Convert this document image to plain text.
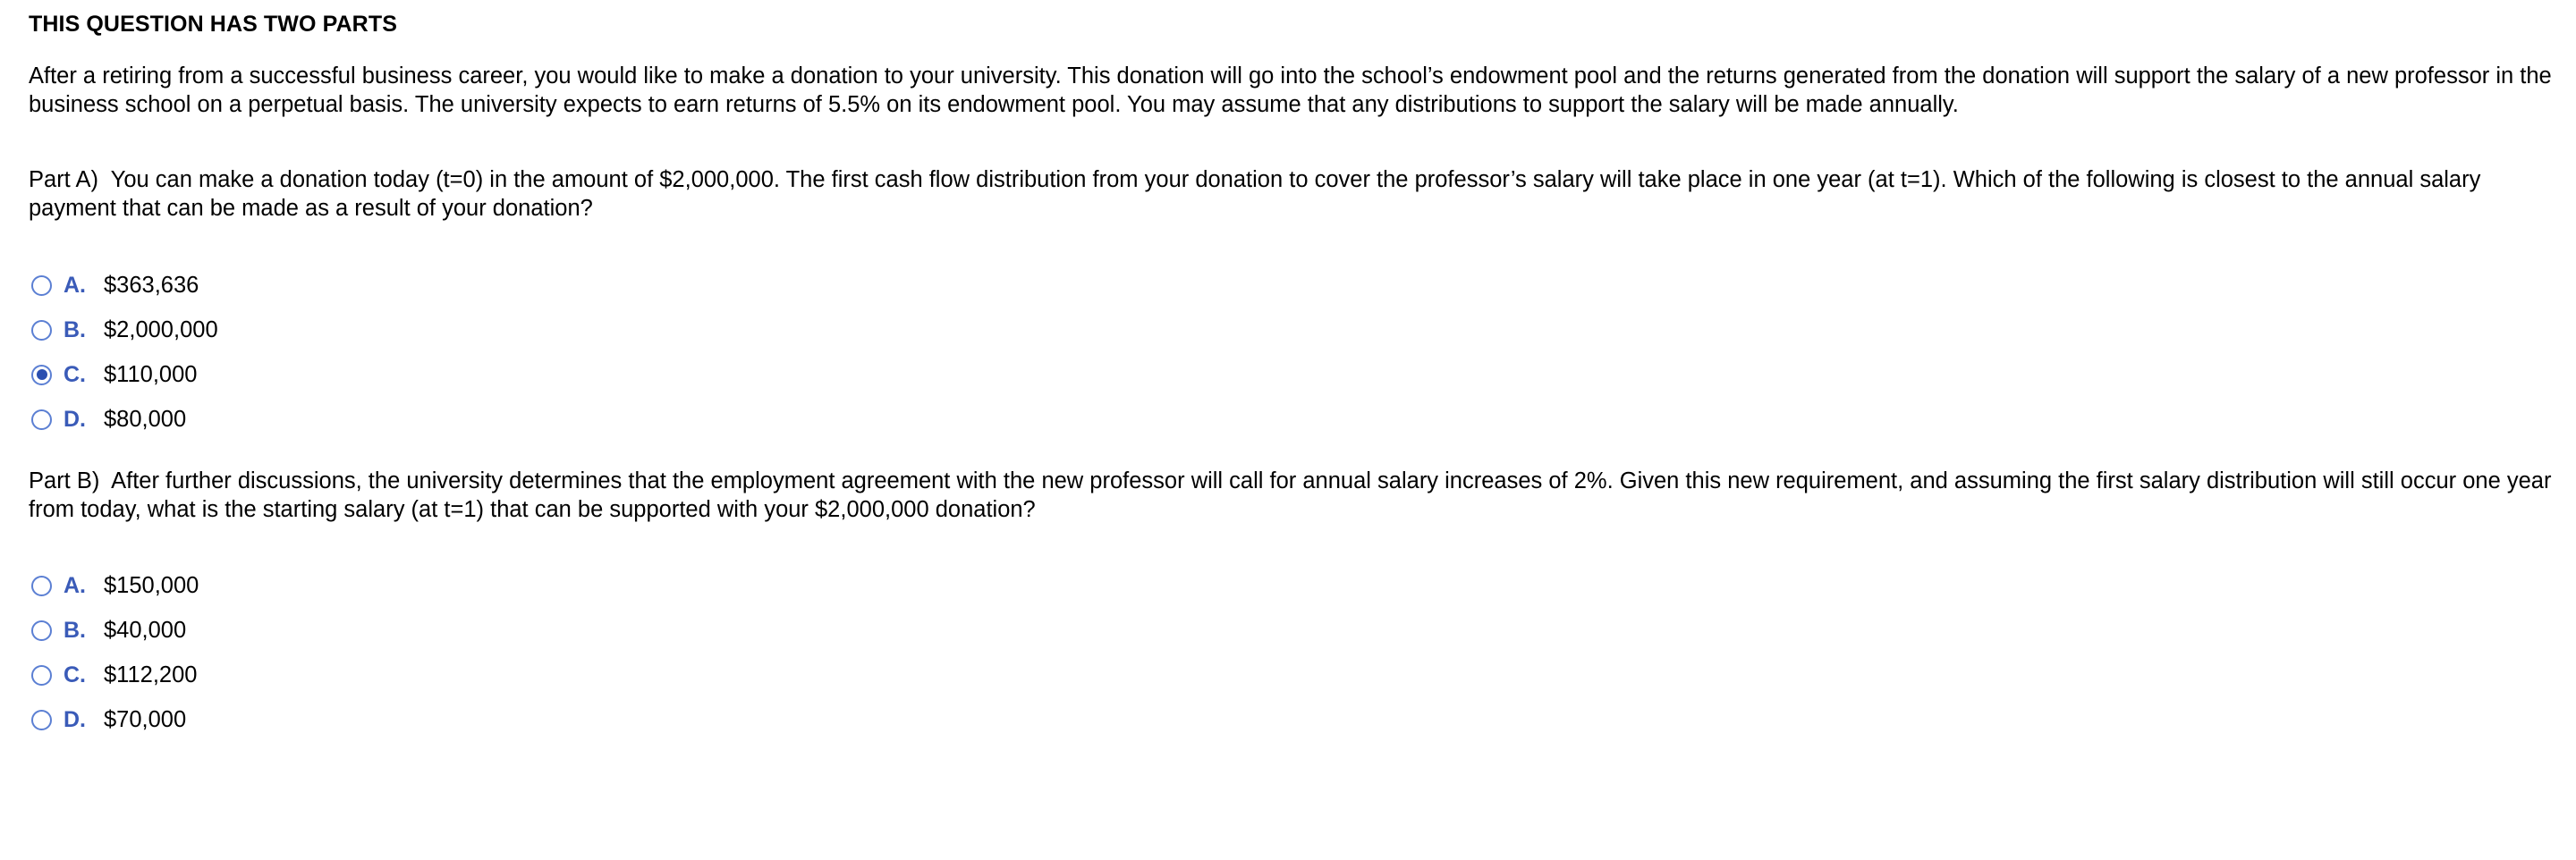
THIS QUESTION HAS TWO PARTS
After a retiring from a successful business career, you would like to make a donation to your university. This donation will go into the school’s endowment pool and the returns generated from the donation will support the salary of a new professor in the business school on a perpetual basis. The university expects to earn returns of 5.5% on its endowment pool. You may assume that any distributions to support the salary will be made annually.
Part A)  You can make a donation today (t=0) in the amount of $2,000,000. The first cash flow distribution from your donation to cover the professor’s salary will take place in one year (at t=1). Which of the following is closest to the annual salary payment that can be made as a result of your donation?
A. $363,636
B. $2,000,000
C. $110,000
D. $80,000
Part B)  After further discussions, the university determines that the employment agreement with the new professor will call for annual salary increases of 2%. Given this new requirement, and assuming the first salary distribution will still occur one year from today, what is the starting salary (at t=1) that can be supported with your $2,000,000 donation?
A. $150,000
B. $40,000
C. $112,200
D. $70,000
